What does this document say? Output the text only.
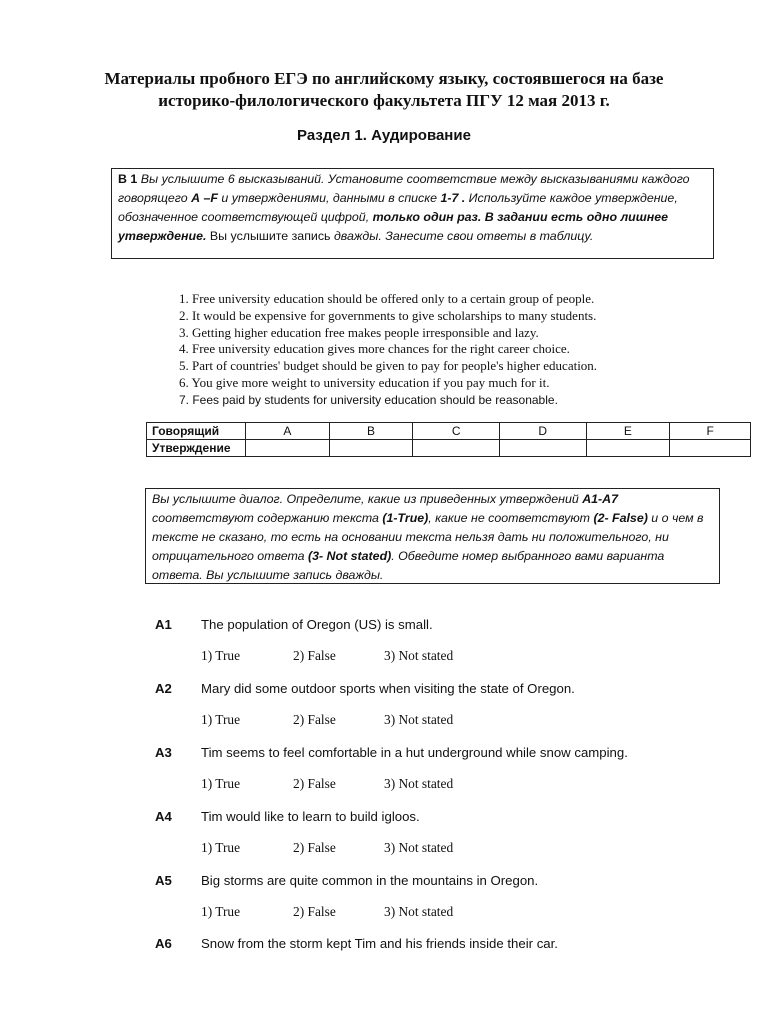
Материалы пробного ЕГЭ по английскому языку, состоявшегося на базе
историко-филологического факультета ПГУ 12 мая 2013 г.
Раздел 1. Аудирование
В 1 Вы услышите 6 высказываний. Установите соответствие между высказываниями каждого говорящего А –F и утверждениями, данными в списке 1-7 . Используйте каждое утверждение, обозначенное соответствующей цифрой, только один раз. В задании есть одно лишнее утверждение. Вы услышите запись дважды. Занесите свои ответы в таблицу.
1. Free university education should be offered only to a certain group of people.
2. It would be expensive for governments to give scholarships to many students.
3. Getting higher education free makes people irresponsible and lazy.
4. Free university education gives more chances for the right career choice.
5. Part of countries' budget should be given to pay for people's higher education.
6. You give more weight to university education if you pay much for it.
7. Fees paid by students for university education should be reasonable.
Говорящий	A	B	C	D	E	F
Утверждение						
Вы услышите диалог. Определите, какие из приведенных утверждений А1-А7 соответствуют содержанию текста (1-True), какие не соответствуют (2- False) и о чем в тексте не сказано, то есть на основании текста нельзя дать ни положительного, ни отрицательного ответа (3- Not stated). Обведите номер выбранного вами варианта ответа. Вы услышите запись дважды.
A1 The population of Oregon (US) is small.
1) True	2) False	3) Not stated
A2 Mary did some outdoor sports when visiting the state of Oregon.
1) True	2) False	3) Not stated
A3 Tim seems to feel comfortable in a hut underground while snow camping.
1) True	2) False	3) Not stated
A4 Tim would like to learn to build igloos.
1) True	2) False	3) Not stated
A5 Big storms are quite common in the mountains in Oregon.
1) True	2) False	3) Not stated
A6 Snow from the storm kept Tim and his friends inside their car.
